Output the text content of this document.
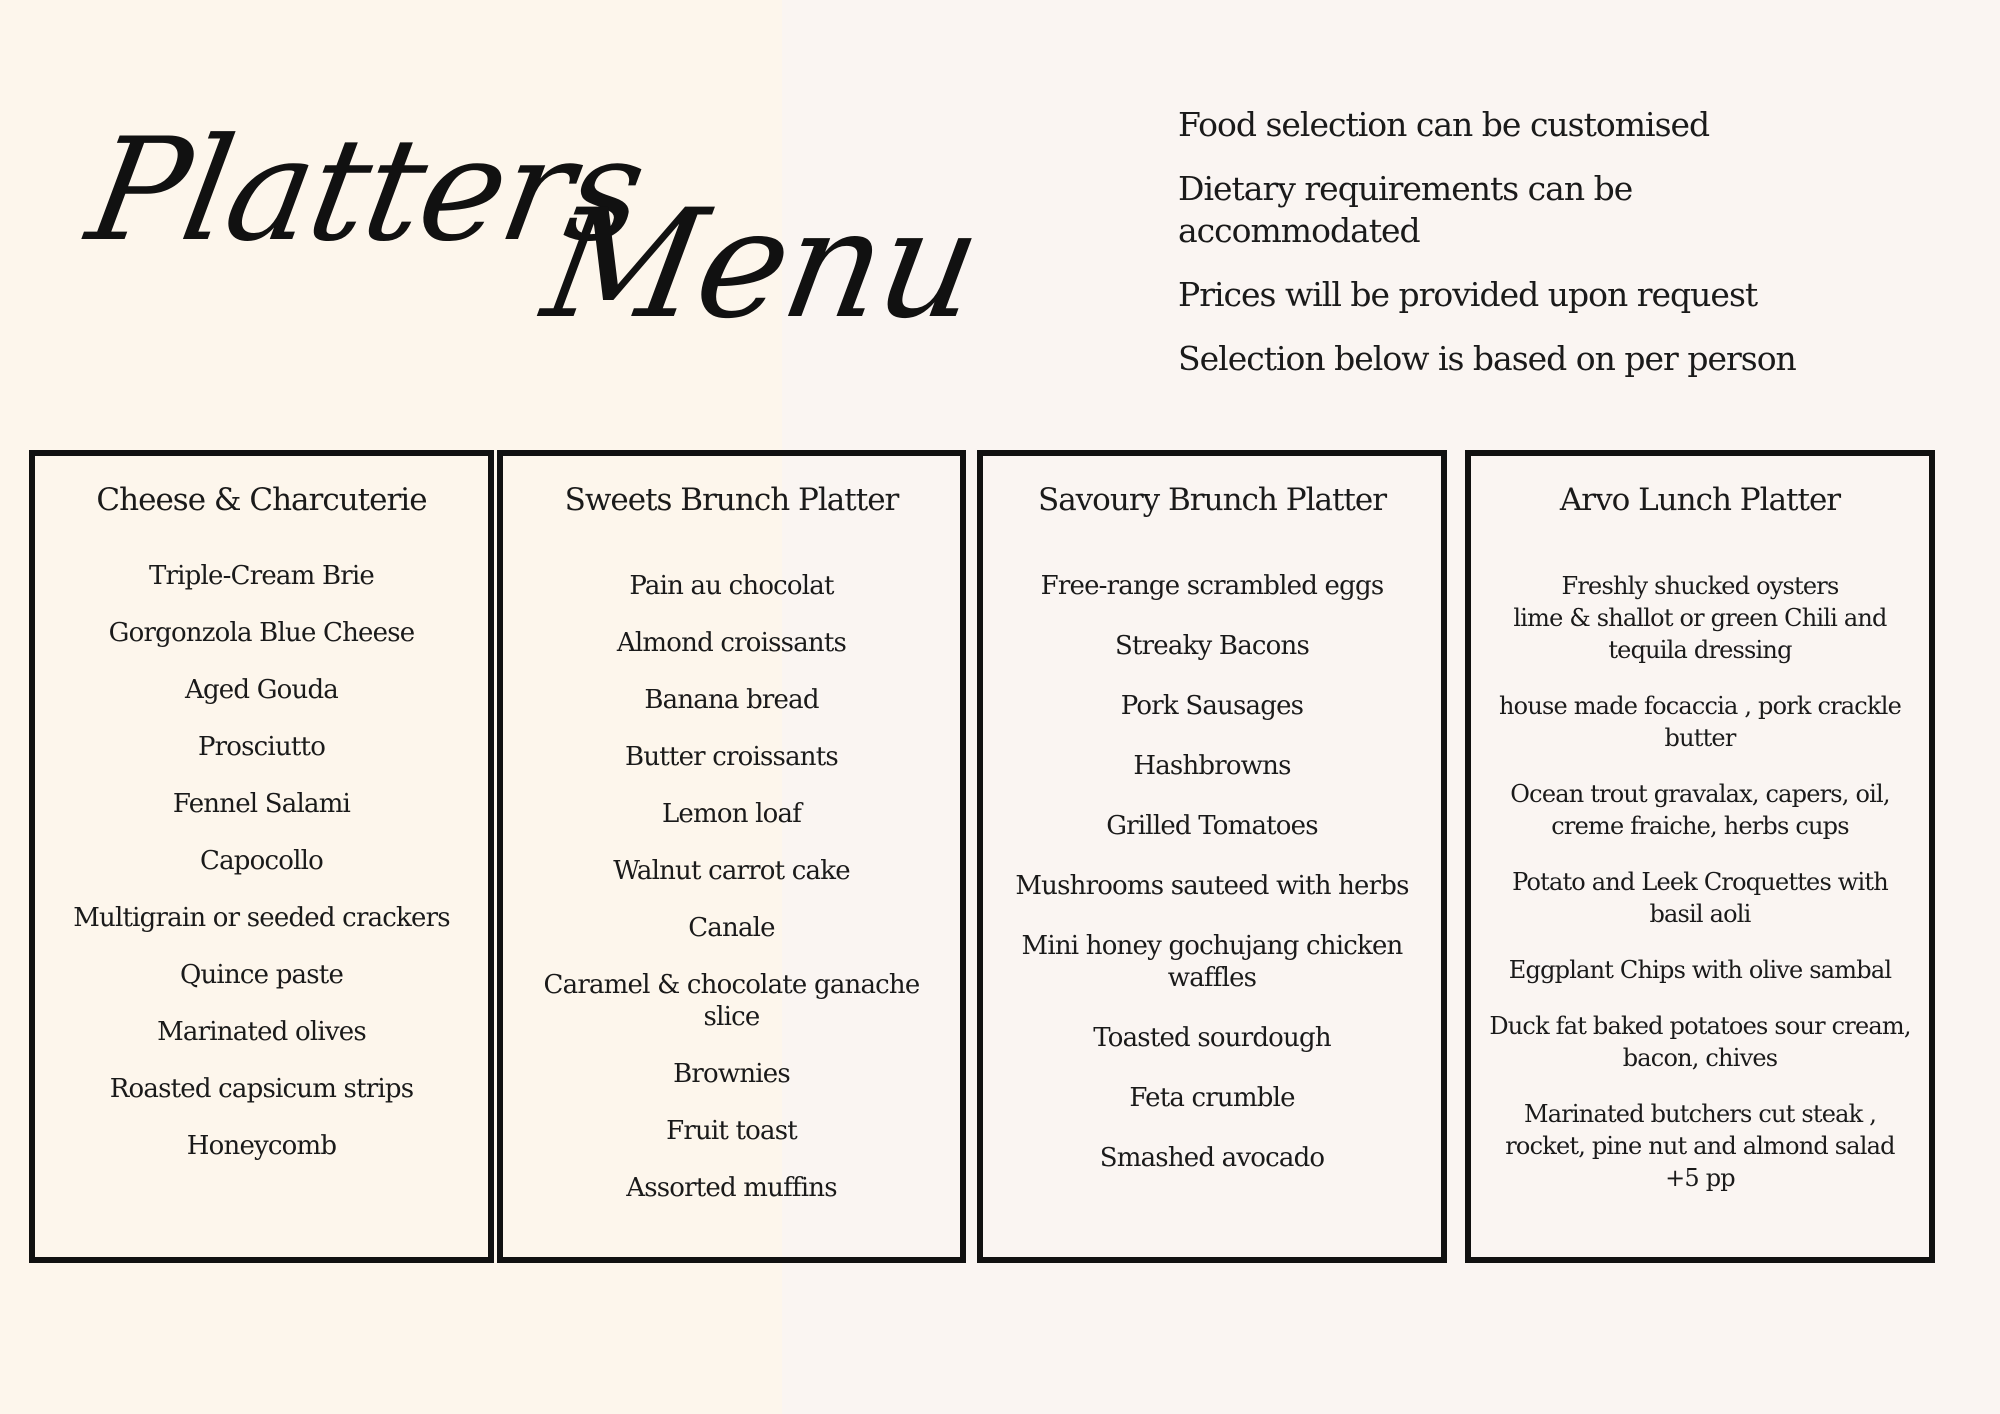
Platters
Menu

Food selection can be customised

Dietary requirements can be accommodated

Prices will be provided upon request

Selection below is based on per person

Cheese & Charcuterie
Triple-Cream Brie
Gorgonzola Blue Cheese
Aged Gouda
Prosciutto
Fennel Salami
Capocollo
Multigrain or seeded crackers
Quince paste
Marinated olives
Roasted capsicum strips
Honeycomb
Sweets Brunch Platter
Pain au chocolat
Almond croissants
Banana bread
Butter croissants
Lemon loaf
Walnut carrot cake
Canale
Caramel & chocolate ganache slice
Brownies
Fruit toast
Assorted muffins
Savoury Brunch Platter
Free-range scrambled eggs
Streaky Bacons
Pork Sausages
Hashbrowns
Grilled Tomatoes
Mushrooms sauteed with herbs
Mini honey gochujang chicken waffles
Toasted sourdough
Feta crumble
Smashed avocado
Arvo Lunch Platter
Freshly shucked oysters
lime & shallot or green Chili and tequila dressing
house made focaccia , pork crackle butter
Ocean trout gravalax, capers, oil, creme fraiche, herbs cups
Potato and Leek Croquettes with basil aoli
Eggplant Chips with olive sambal
Duck fat baked potatoes sour cream, bacon, chives
Marinated butchers cut steak , rocket, pine nut and almond salad +5 pp
